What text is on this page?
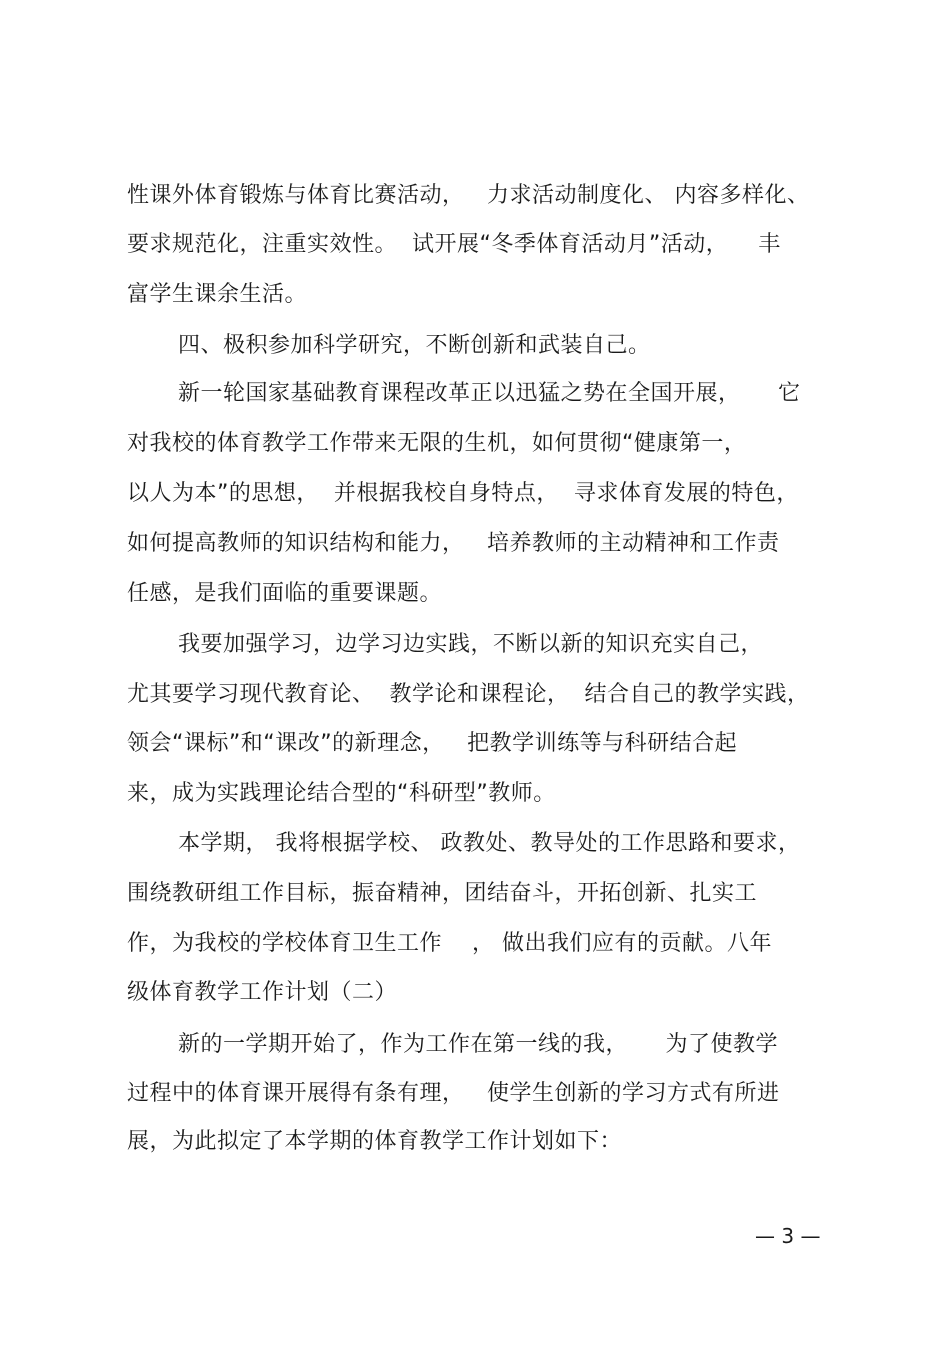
性课外体育锻炼与体育比赛活动，   力求活动制度化、 内容多样化、
要求规范化，注重实效性。  试开展“冬季体育活动月”活动，    丰
富学生课余生活。
四、极积参加科学研究，不断创新和武装自己。
新一轮国家基础教育课程改革正以迅猛之势在全国开展，     它
对我校的体育教学工作带来无限的生机，如何贯彻“健康第一，
以人为本”的思想，  并根据我校自身特点，  寻求体育发展的特色，
如何提高教师的知识结构和能力，   培养教师的主动精神和工作责
任感，是我们面临的重要课题。
我要加强学习，边学习边实践，不断以新的知识充实自己，
尤其要学习现代教育论、  教学论和课程论，  结合自己的教学实践，
领会“课标”和“课改”的新理念，   把教学训练等与科研结合起
来，成为实践理论结合型的“科研型”教师。
本学期， 我将根据学校、 政教处、教导处的工作思路和要求，
围绕教研组工作目标，振奋精神，团结奋斗，开拓创新、扎实工
作，为我校的学校体育卫生工作    ， 做出我们应有的贡献。八年
级体育教学工作计划（二）
新的一学期开始了，作为工作在第一线的我，     为了使教学
过程中的体育课开展得有条有理，   使学生创新的学习方式有所进
展，为此拟定了本学期的体育教学工作计划如下：
— 3 —
